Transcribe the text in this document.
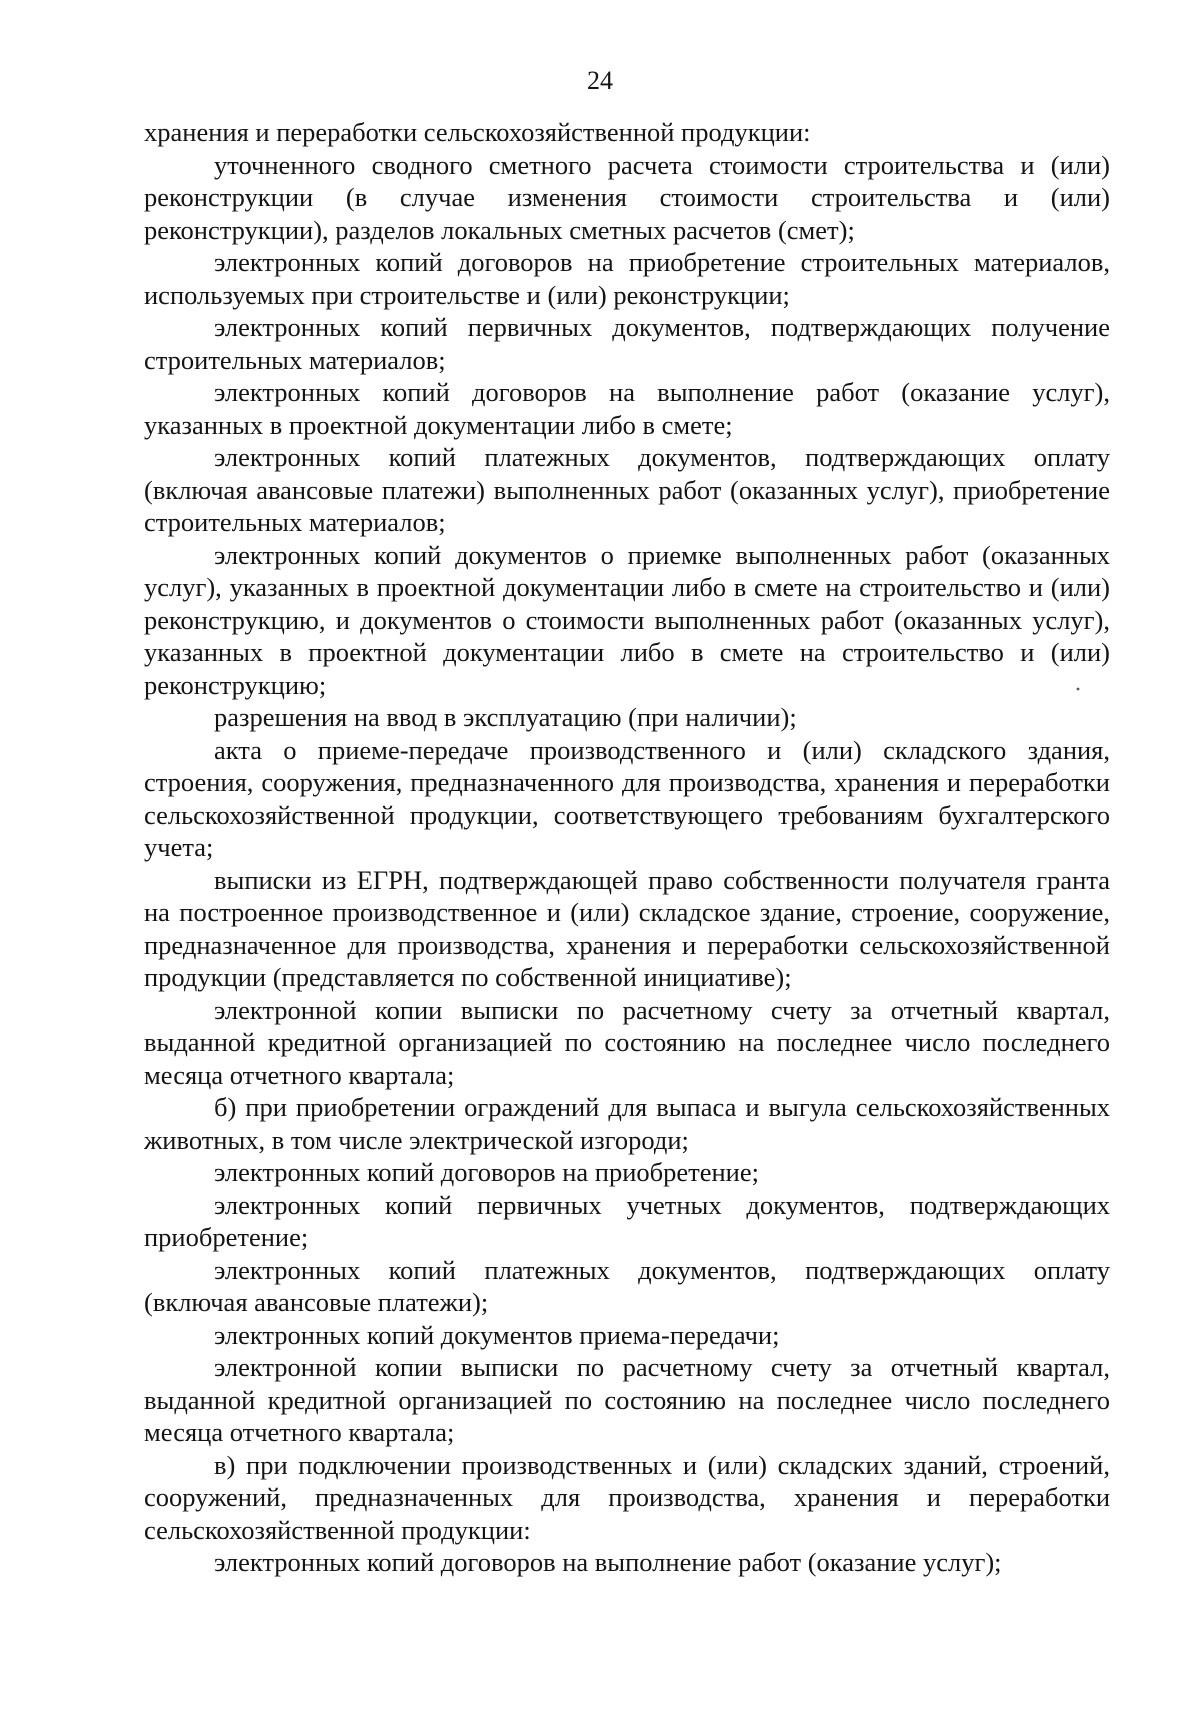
24

хранения и переработки сельскохозяйственной продукции:

уточненного сводного сметного расчета стоимости строительства и (или) реконструкции (в случае изменения стоимости строительства и (или) реконструкции), разделов локальных сметных расчетов (смет);

электронных копий договоров на приобретение строительных материалов, используемых при строительстве и (или) реконструкции;

электронных копий первичных документов, подтверждающих получение строительных материалов;

электронных копий договоров на выполнение работ (оказание услуг), указанных в проектной документации либо в смете;

электронных копий платежных документов, подтверждающих оплату (включая авансовые платежи) выполненных работ (оказанных услуг), приобретение строительных материалов;

электронных копий документов о приемке выполненных работ (оказанных услуг), указанных в проектной документации либо в смете на строительство и (или) реконструкцию, и документов о стоимости выполненных работ (оказанных услуг), указанных в проектной документации либо в смете на строительство и (или) реконструкцию;

разрешения на ввод в эксплуатацию (при наличии);

акта о приеме-передаче производственного и (или) складского здания, строения, сооружения, предназначенного для производства, хранения и переработки сельскохозяйственной продукции, соответствующего требованиям бухгалтерского учета;

выписки из ЕГРН, подтверждающей право собственности получателя гранта на построенное производственное и (или) складское здание, строение, сооружение, предназначенное для производства, хранения и переработки сельскохозяйственной продукции (представляется по собственной инициативе);

электронной копии выписки по расчетному счету за отчетный квартал, выданной кредитной организацией по состоянию на последнее число последнего месяца отчетного квартала;

б) при приобретении ограждений для выпаса и выгула сельскохозяйственных животных, в том числе электрической изгороди;

электронных копий договоров на приобретение;

электронных копий первичных учетных документов, подтверждающих приобретение;

электронных копий платежных документов, подтверждающих оплату (включая авансовые платежи);

электронных копий документов приема-передачи;

электронной копии выписки по расчетному счету за отчетный квартал, выданной кредитной организацией по состоянию на последнее число последнего месяца отчетного квартала;

в) при подключении производственных и (или) складских зданий, строений, сооружений, предназначенных для производства, хранения и переработки сельскохозяйственной продукции:

электронных копий договоров на выполнение работ (оказание услуг);
